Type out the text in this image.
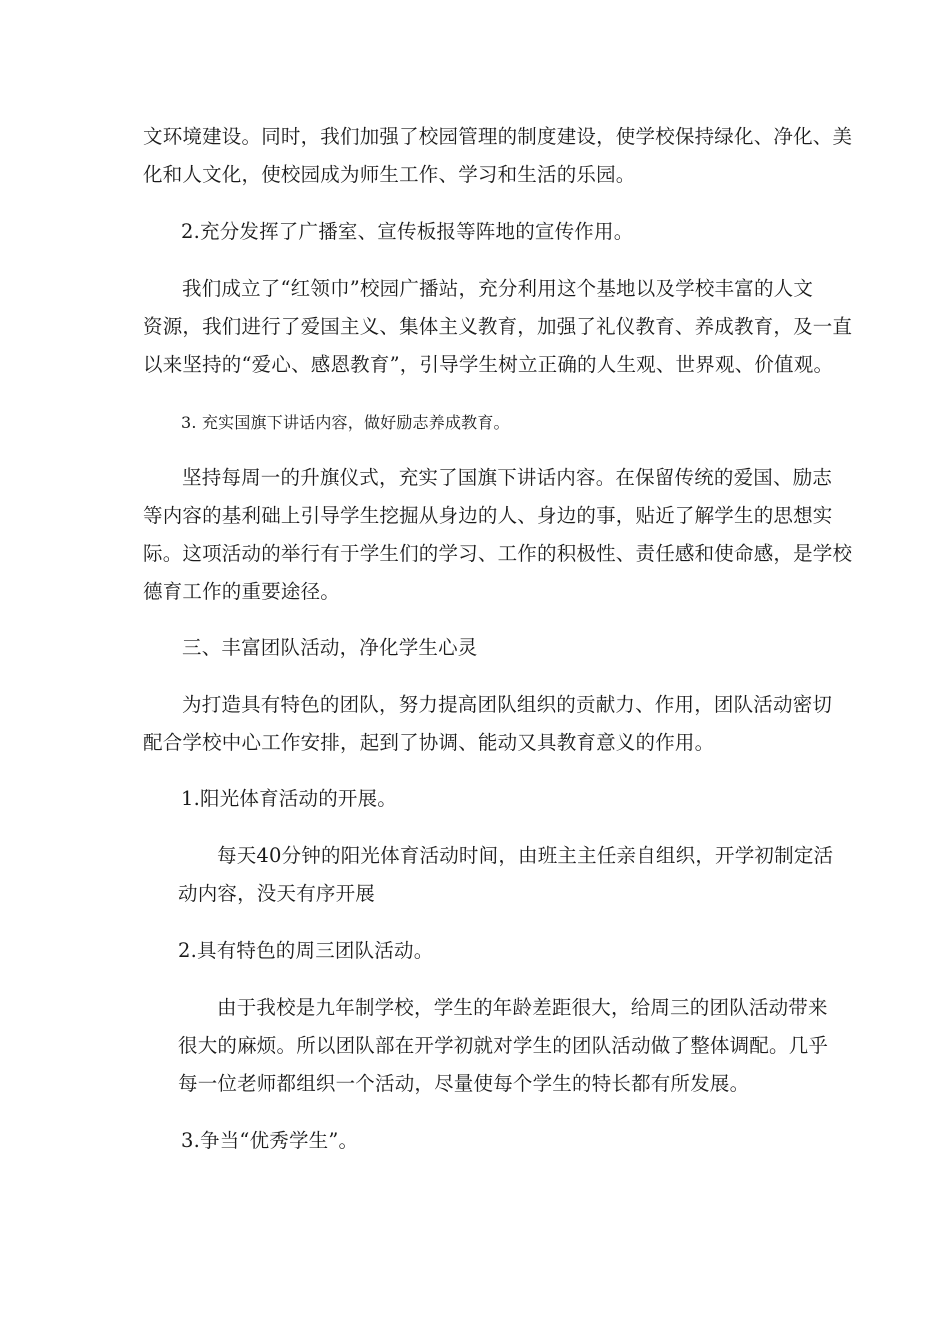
文环境建设。同时，我们加强了校园管理的制度建设，使学校保持绿化、净化、美
化和人文化，使校园成为师生工作、学习和生活的乐园。
2.充分发挥了广播室、宣传板报等阵地的宣传作用。
我们成立了“红领巾”校园广播站，充分利用这个基地以及学校丰富的人文
资源，我们进行了爱国主义、集体主义教育，加强了礼仪教育、养成教育，及一直
以来坚持的“爱心、感恩教育”，引导学生树立正确的人生观、世界观、价值观。
3. 充实国旗下讲话内容，做好励志养成教育。
坚持每周一的升旗仪式，充实了国旗下讲话内容。在保留传统的爱国、励志
等内容的基利础上引导学生挖掘从身边的人、身边的事，贴近了解学生的思想实
际。这项活动的举行有于学生们的学习、工作的积极性、责任感和使命感，是学校
德育工作的重要途径。
三、丰富团队活动，净化学生心灵
为打造具有特色的团队，努力提高团队组织的贡献力、作用，团队活动密切
配合学校中心工作安排，起到了协调、能动又具教育意义的作用。
1.阳光体育活动的开展。
每天40分钟的阳光体育活动时间，由班主主任亲自组织，开学初制定活
动内容，没天有序开展
2.具有特色的周三团队活动。
由于我校是九年制学校，学生的年龄差距很大，给周三的团队活动带来
很大的麻烦。所以团队部在开学初就对学生的团队活动做了整体调配。几乎
每一位老师都组织一个活动，尽量使每个学生的特长都有所发展。
3.争当“优秀学生”。
